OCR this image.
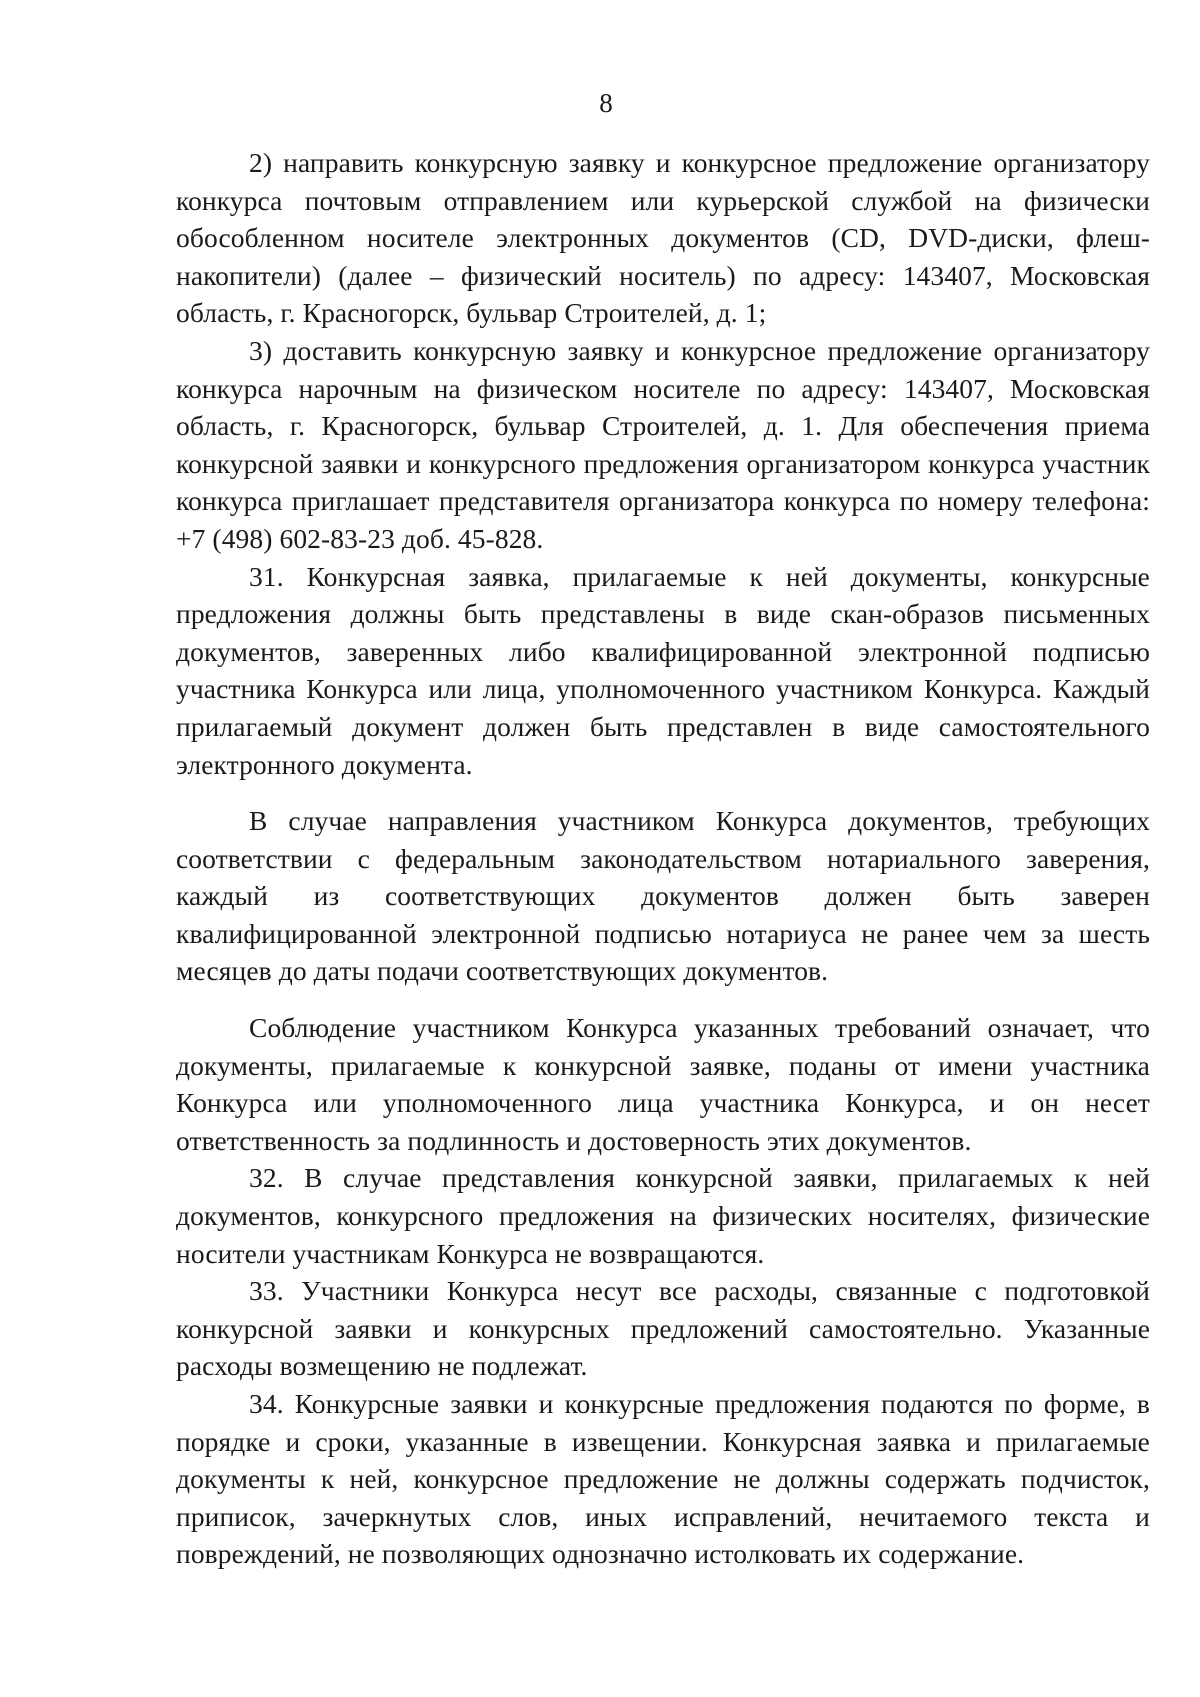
8

2) направить конкурсную заявку и конкурсное предложение организатору конкурса почтовым отправлением или курьерской службой на физически обособленном носителе электронных документов (CD, DVD-диски, флеш-накопители) (далее – физический носитель) по адресу: 143407, Московская область, г. Красногорск, бульвар Строителей, д. 1;

3) доставить конкурсную заявку и конкурсное предложение организатору конкурса нарочным на физическом носителе по адресу: 143407, Московская область, г. Красногорск, бульвар Строителей, д. 1. Для обеспечения приема конкурсной заявки и конкурсного предложения организатором конкурса участник конкурса приглашает представителя организатора конкурса по номеру телефона: +7 (498) 602-83-23 доб. 45-828.

31. Конкурсная заявка, прилагаемые к ней документы, конкурсные предложения должны быть представлены в виде скан-образов письменных документов, заверенных либо квалифицированной электронной подписью участника Конкурса или лица, уполномоченного участником Конкурса. Каждый прилагаемый документ должен быть представлен в виде самостоятельного электронного документа.

В случае направления участником Конкурса документов, требующих соответствии с федеральным законодательством нотариального заверения, каждый из соответствующих документов должен быть заверен квалифицированной электронной подписью нотариуса не ранее чем за шесть месяцев до даты подачи соответствующих документов.

Соблюдение участником Конкурса указанных требований означает, что документы, прилагаемые к конкурсной заявке, поданы от имени участника Конкурса или уполномоченного лица участника Конкурса, и он несет ответственность за подлинность и достоверность этих документов.

32. В случае представления конкурсной заявки, прилагаемых к ней документов, конкурсного предложения на физических носителях, физические носители участникам Конкурса не возвращаются.

33. Участники Конкурса несут все расходы, связанные с подготовкой конкурсной заявки и конкурсных предложений самостоятельно. Указанные расходы возмещению не подлежат.

34. Конкурсные заявки и конкурсные предложения подаются по форме, в порядке и сроки, указанные в извещении. Конкурсная заявка и прилагаемые документы к ней, конкурсное предложение не должны содержать подчисток, приписок, зачеркнутых слов, иных исправлений, нечитаемого текста и повреждений, не позволяющих однозначно истолковать их содержание.
